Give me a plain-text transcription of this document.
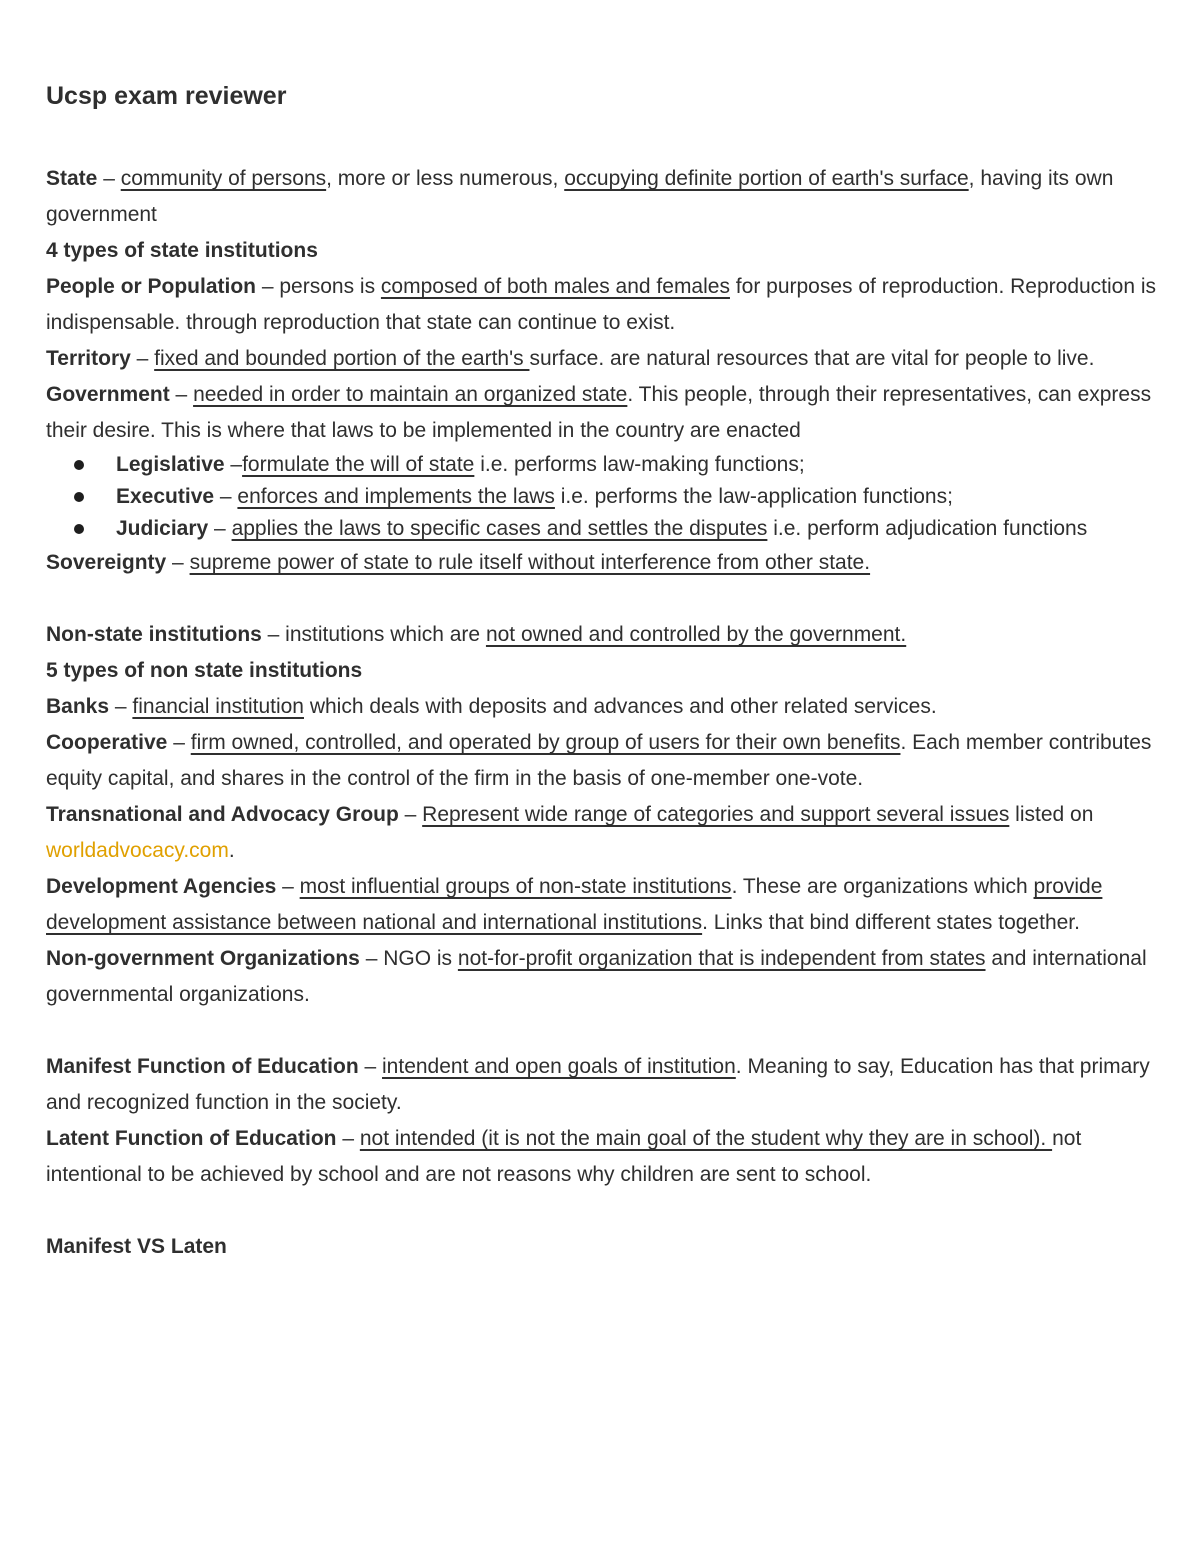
Ucsp exam reviewer

State – community of persons, more or less numerous, occupying definite portion of earth's surface, having its own government

4 types of state institutions

People or Population – persons is composed of both males and females for purposes of reproduction. Reproduction is indispensable. through reproduction that state can continue to exist.

Territory – fixed and bounded portion of the earth's surface. are natural resources that are vital for people to live.

Government – needed in order to maintain an organized state. This people, through their representatives, can express their desire. This is where that laws to be implemented in the country are enacted

Legislative –formulate the will of state i.e. performs law-making functions;
Executive – enforces and implements the laws i.e. performs the law-application functions;
Judiciary – applies the laws to specific cases and settles the disputes i.e. perform adjudication functions

Sovereignty – supreme power of state to rule itself without interference from other state.

Non-state institutions – institutions which are not owned and controlled by the government.

5 types of non state institutions

Banks – financial institution which deals with deposits and advances and other related services.

Cooperative – firm owned, controlled, and operated by group of users for their own benefits. Each member contributes equity capital, and shares in the control of the firm in the basis of one-member one-vote.

Transnational and Advocacy Group – Represent wide range of categories and support several issues listed on worldadvocacy.com.

Development Agencies – most influential groups of non-state institutions. These are organizations which provide development assistance between national and international institutions. Links that bind different states together.

Non-government Organizations – NGO is not-for-profit organization that is independent from states and international governmental organizations.

Manifest Function of Education – intendent and open goals of institution. Meaning to say, Education has that primary and recognized function in the society.

Latent Function of Education – not intended (it is not the main goal of the student why they are in school). not intentional to be achieved by school and are not reasons why children are sent to school.

Manifest VS Laten
